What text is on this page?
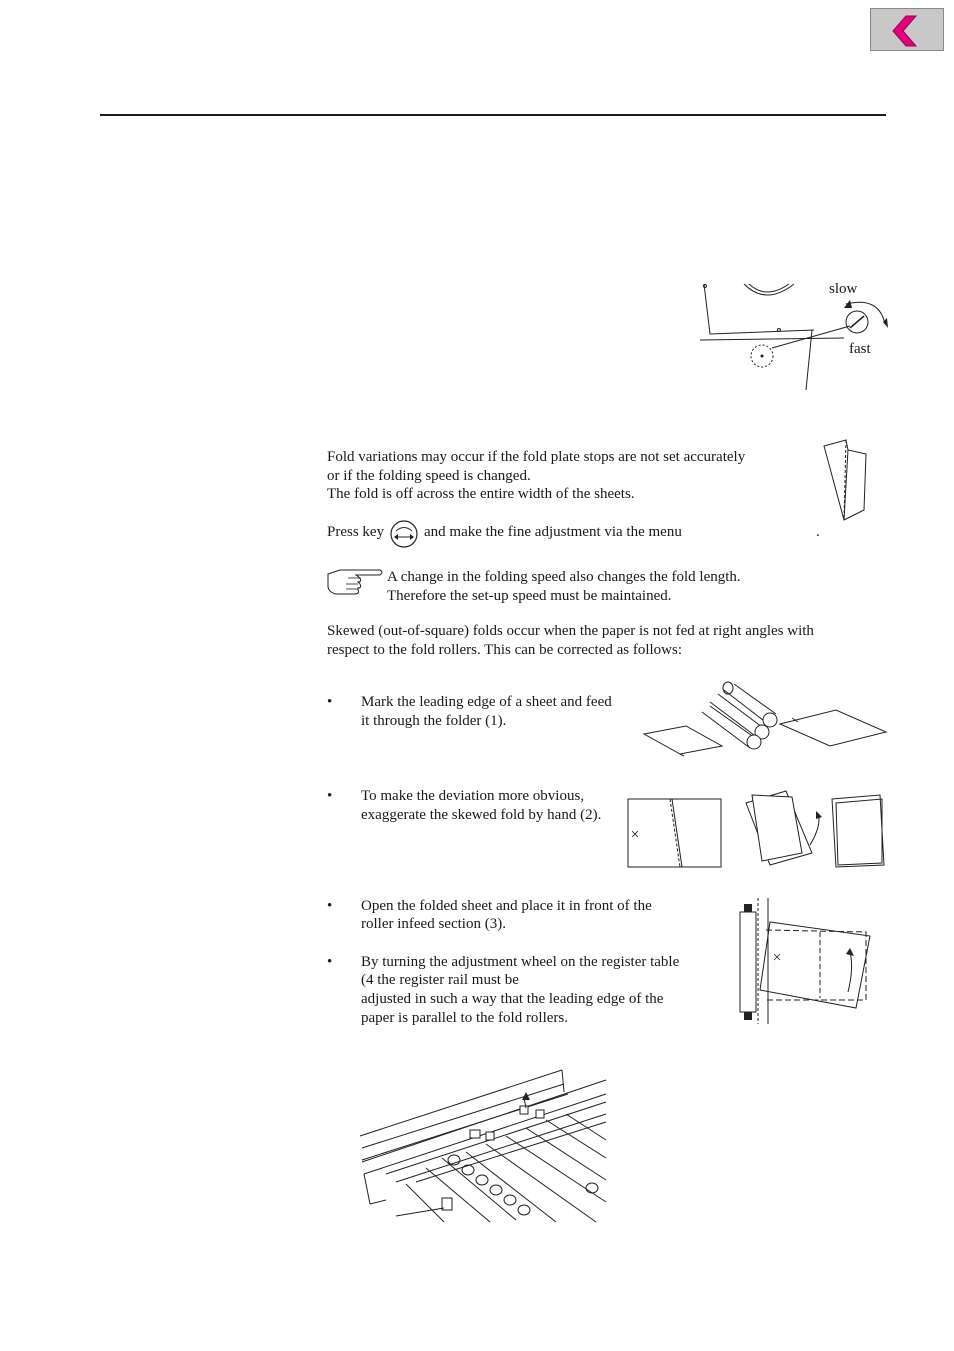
slow
fast
Fold variations may occur if the fold plate stops are not set accurately
or if the folding speed is changed.
The fold is off across the entire width of the sheets.
Press key	and make the fine adjustment via the menu	.
A change in the folding speed also changes the fold length.
Therefore the set-up speed must be maintained.
Skewed (out-of-square) folds occur when the paper is not fed at right angles with
respect to the fold rollers. This can be corrected as follows:
• Mark the leading edge of a sheet and feed
it through the folder (1).
• To make the deviation more obvious,
exaggerate the skewed fold by hand (2).
• Open the folded sheet and place it in front of the
roller infeed section (3).
• By turning the adjustment wheel on the register table
(4 the register rail must be
adjusted in such a way that the leading edge of the
paper is parallel to the fold rollers.
